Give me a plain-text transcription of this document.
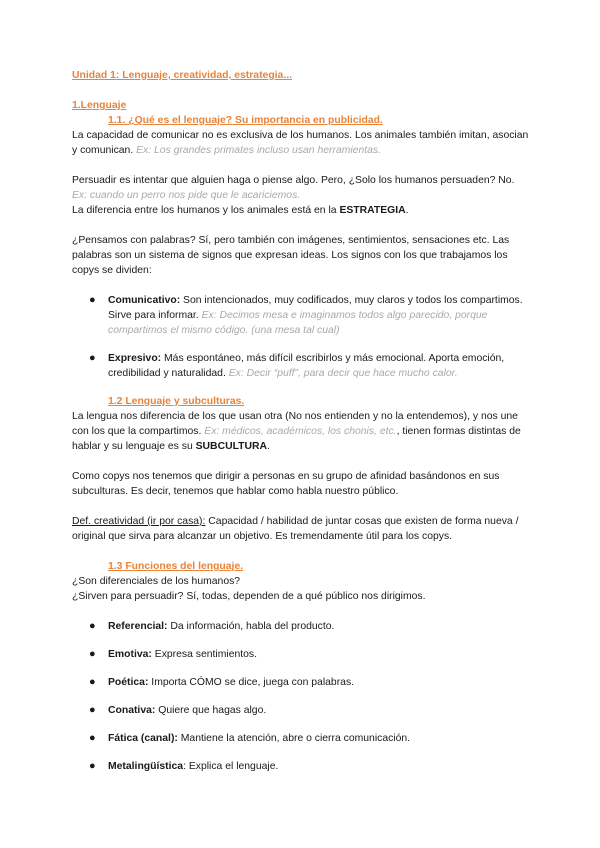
Unidad 1: Lenguaje, creatividad, estrategia...

1.Lenguaje

1.1. ¿Qué es el lenguaje? Su importancia en publicidad.

La capacidad de comunicar no es exclusiva de los humanos. Los animales también imitan, asocian y comunican. Ex: Los grandes primates incluso usan herramientas.

Persuadir es intentar que alguien haga o piense algo. Pero, ¿Solo los humanos persuaden? No. Ex: cuando un perro nos pide que le acariciemos.

La diferencia entre los humanos y los animales está en la ESTRATEGIA.

¿Pensamos con palabras? Sí, pero también con imágenes, sentimientos, sensaciones etc. Las palabras son un sistema de signos que expresan ideas. Los signos con los que trabajamos los copys se dividen:

● Comunicativo: Son intencionados, muy codificados, muy claros y todos los compartimos. Sirve para informar. Ex: Decimos mesa e imaginamos todos algo parecido, porque compartimos el mismo código. (una mesa tal cual)
● Expresivo: Más espontáneo, más difícil escribirlos y más emocional. Aporta emoción, credibilidad y naturalidad. Ex: Decir “puff”, para decir que hace mucho calor.

1.2 Lenguaje y subculturas.

La lengua nos diferencia de los que usan otra (No nos entienden y no la entendemos), y nos une con los que la compartimos. Ex: médicos, académicos, los chonis, etc., tienen formas distintas de hablar y su lenguaje es su SUBCULTURA.

Como copys nos tenemos que dirigir a personas en su grupo de afinidad basándonos en sus subculturas. Es decir, tenemos que hablar como habla nuestro público.

Def. creatividad (ir por casa): Capacidad / habilidad de juntar cosas que existen de forma nueva / original que sirva para alcanzar un objetivo. Es tremendamente útil para los copys.

1.3 Funciones del lenguaje.

¿Son diferenciales de los humanos?

¿Sirven para persuadir? Sí, todas, dependen de a qué público nos dirigimos.

● Referencial: Da información, habla del producto.
● Emotiva: Expresa sentimientos.
● Poética: Importa CÓMO se dice, juega con palabras.
● Conativa: Quiere que hagas algo.
● Fática (canal): Mantiene la atención, abre o cierra comunicación.
● Metalingüística: Explica el lenguaje.
